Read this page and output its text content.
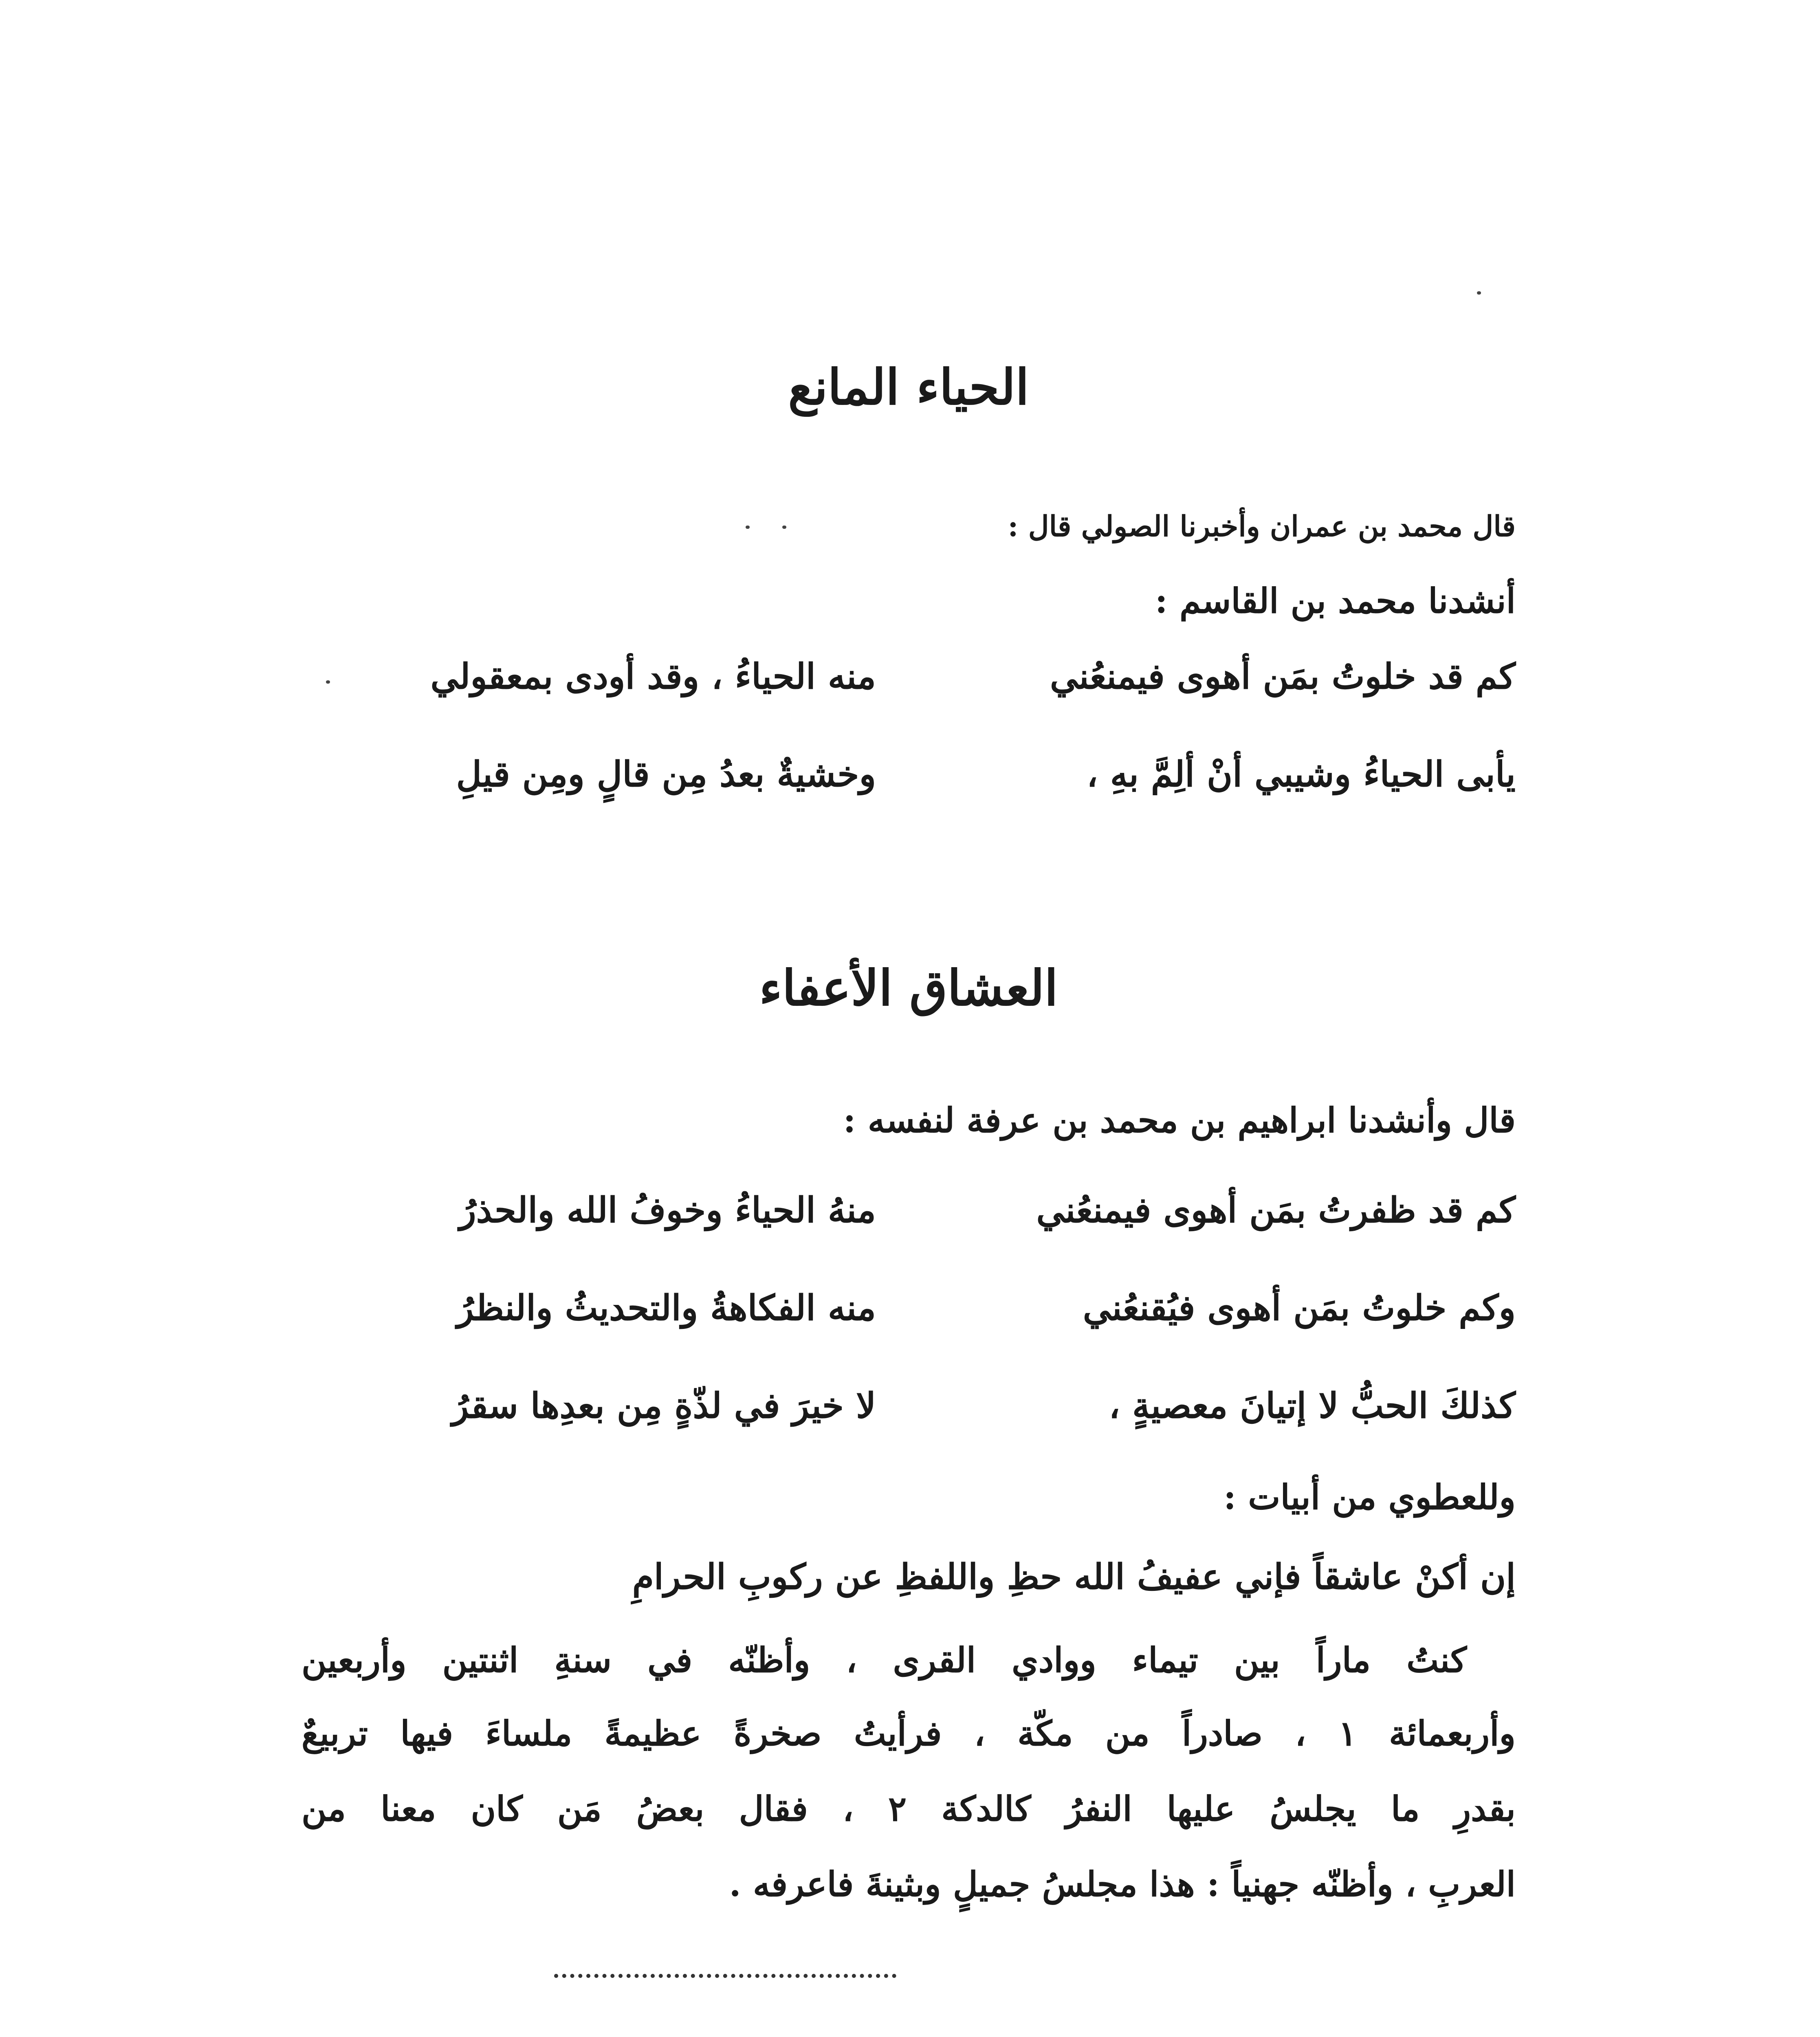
الحياء المانع
قال محمد بن عمران وأخبرنا الصولي قال :
أنشدنا محمد بن القاسم :
كم قد خلوتُ بمَن أهوى فيمنعُني
منه الحياءُ ، وقد أودى بمعقولي
يأبى الحياءُ وشيبي أنْ ألِمَّ بهِ ،
وخشيةٌ بعدُ مِن قالٍ ومِن قيلِ
العشاق الأعفاء
قال وأنشدنا ابراهيم بن محمد بن عرفة لنفسه :
كم قد ظفرتُ بمَن أهوى فيمنعُني
منهُ الحياءُ وخوفُ الله والحذرُ
وكم خلوتُ بمَن أهوى فيُقنعُني
منه الفكاهةُ والتحديثُ والنظرُ
كذلكَ الحبُّ لا إتيانَ معصيةٍ ،
لا خيرَ في لذّةٍ مِن بعدِها سقرُ
وللعطوي من أبيات :
إن أكنْ عاشقاً فإني عفيفُ الله حظِ واللفظِ عن ركوبِ الحرامِ
كنتُ ماراً بين تيماء ووادي القرى ، وأظنّه في سنةِ اثنتين وأربعين
وأربعمائة ١ ، صادراً من مكّة ، فرأيتُ صخرةً عظيمةً ملساءَ فيها تربيعٌ
بقدرِ ما يجلسُ عليها النفرُ كالدكة ٢ ، فقال بعضُ مَن كان معنا من
العربِ ، وأظنّه جهنياً : هذا مجلسُ جميلٍ وبثينةَ فاعرفه .
